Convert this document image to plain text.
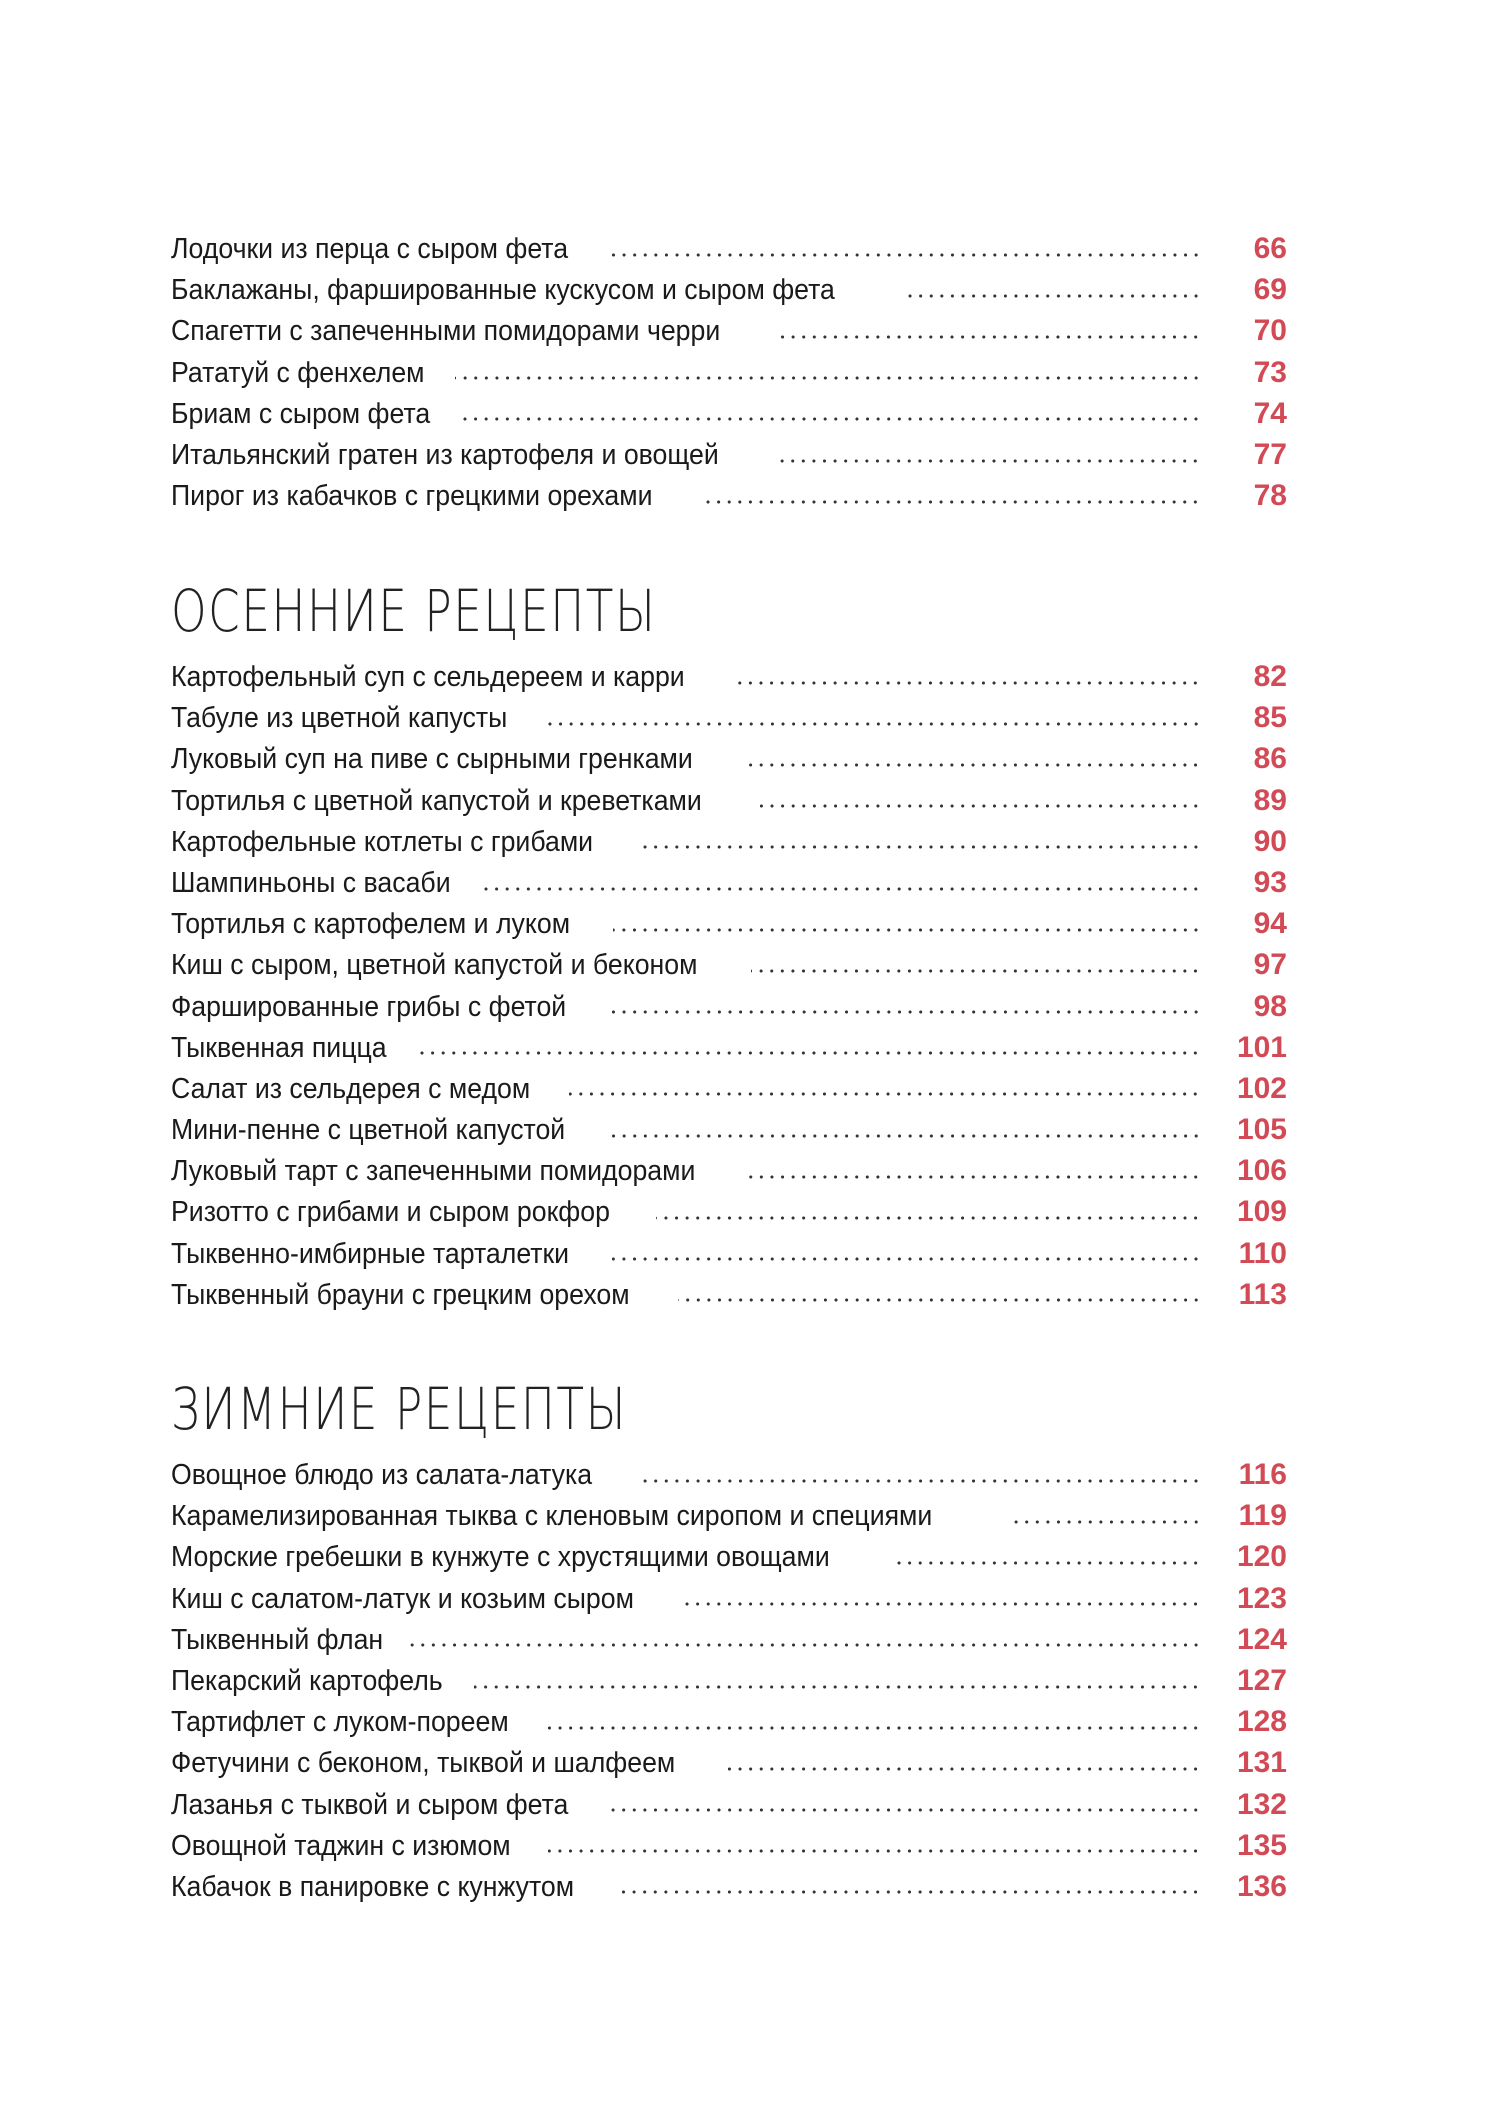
Лодочки из перца с сыром фета	66
Баклажаны, фаршированные кускусом и сыром фета	69
Спагетти с запеченными помидорами черри	70
Рататуй с фенхелем	73
Бриам с сыром фета	74
Итальянский гратен из картофеля и овощей	77
Пирог из кабачков с грецкими орехами	78
ОСЕННИЕ РЕЦЕПТЫ
Картофельный суп с сельдереем и карри	82
Табуле из цветной капусты	85
Луковый суп на пиве с сырными гренками	86
Тортилья с цветной капустой и креветками	89
Картофельные котлеты с грибами	90
Шампиньоны с васаби	93
Тортилья с картофелем и луком	94
Киш с сыром, цветной капустой и беконом	97
Фаршированные грибы с фетой	98
Тыквенная пицца	101
Салат из сельдерея с медом	102
Мини-пенне с цветной капустой	105
Луковый тарт с запеченными помидорами	106
Ризотто с грибами и сыром рокфор	109
Тыквенно-имбирные тарталетки	110
Тыквенный брауни с грецким орехом	113
ЗИМНИЕ РЕЦЕПТЫ
Овощное блюдо из салата-латука	116
Карамелизированная тыква с кленовым сиропом и специями	119
Морские гребешки в кунжуте с хрустящими овощами	120
Киш с салатом-латук и козьим сыром	123
Тыквенный флан	124
Пекарский картофель	127
Тартифлет с луком-пореем	128
Фетучини с беконом, тыквой и шалфеем	131
Лазанья с тыквой и сыром фета	132
Овощной таджин с изюмом	135
Кабачок в панировке с кунжутом	136
